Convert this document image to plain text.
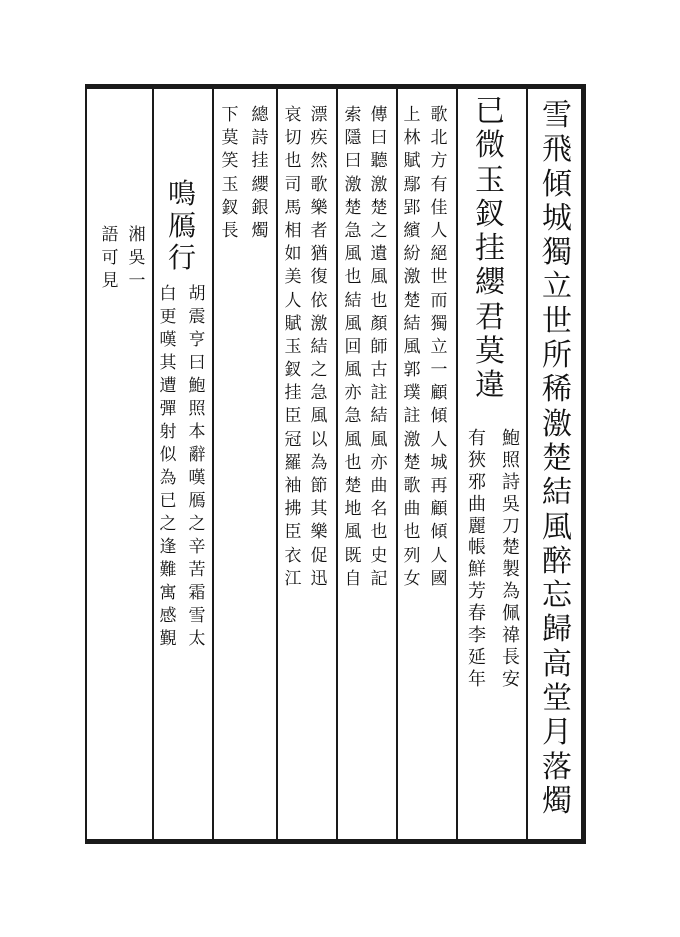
雪
飛
傾
城
獨
立
世
所
稀
激
楚
結
風
醉
忘
歸
高
堂
月
落
燭
鮑
照
詩
吳
刀
楚
製
為
佩
禕
長
安
有
狹
邪
曲
麗
帳
鮮
芳
春
李
延
年
已
微
玉
釵
挂
纓
君
莫
違
歌
北
方
有
佳
人
絕
世
而
獨
立
一
顧
傾
人
城
再
顧
傾
人
國
上
林
賦
鄢
郢
繽
紛
激
楚
結
風
郭
璞
註
激
楚
歌
曲
也
列
女
傳
曰
聽
激
楚
之
遺
風
也
顏
師
古
註
結
風
亦
曲
名
也
史
記
索
隱
曰
激
楚
急
風
也
結
風
回
風
亦
急
風
也
楚
地
風
既
自
漂
疾
然
歌
樂
者
猶
復
依
激
結
之
急
風
以
為
節
其
樂
促
迅
哀
切
也
司
馬
相
如
美
人
賦
玉
釵
挂
臣
冠
羅
袖
拂
臣
衣
江
總
詩
挂
纓
銀
燭
下
莫
笑
玉
釵
長
鳴
鴈
行
胡
震
亨
曰
鮑
照
本
辭
嘆
鴈
之
辛
苦
霜
雪
太
白
更
嘆
其
遭
彈
射
似
為
已
之
逢
難
寓
感
覲
湘
吳
一
語
可
見
